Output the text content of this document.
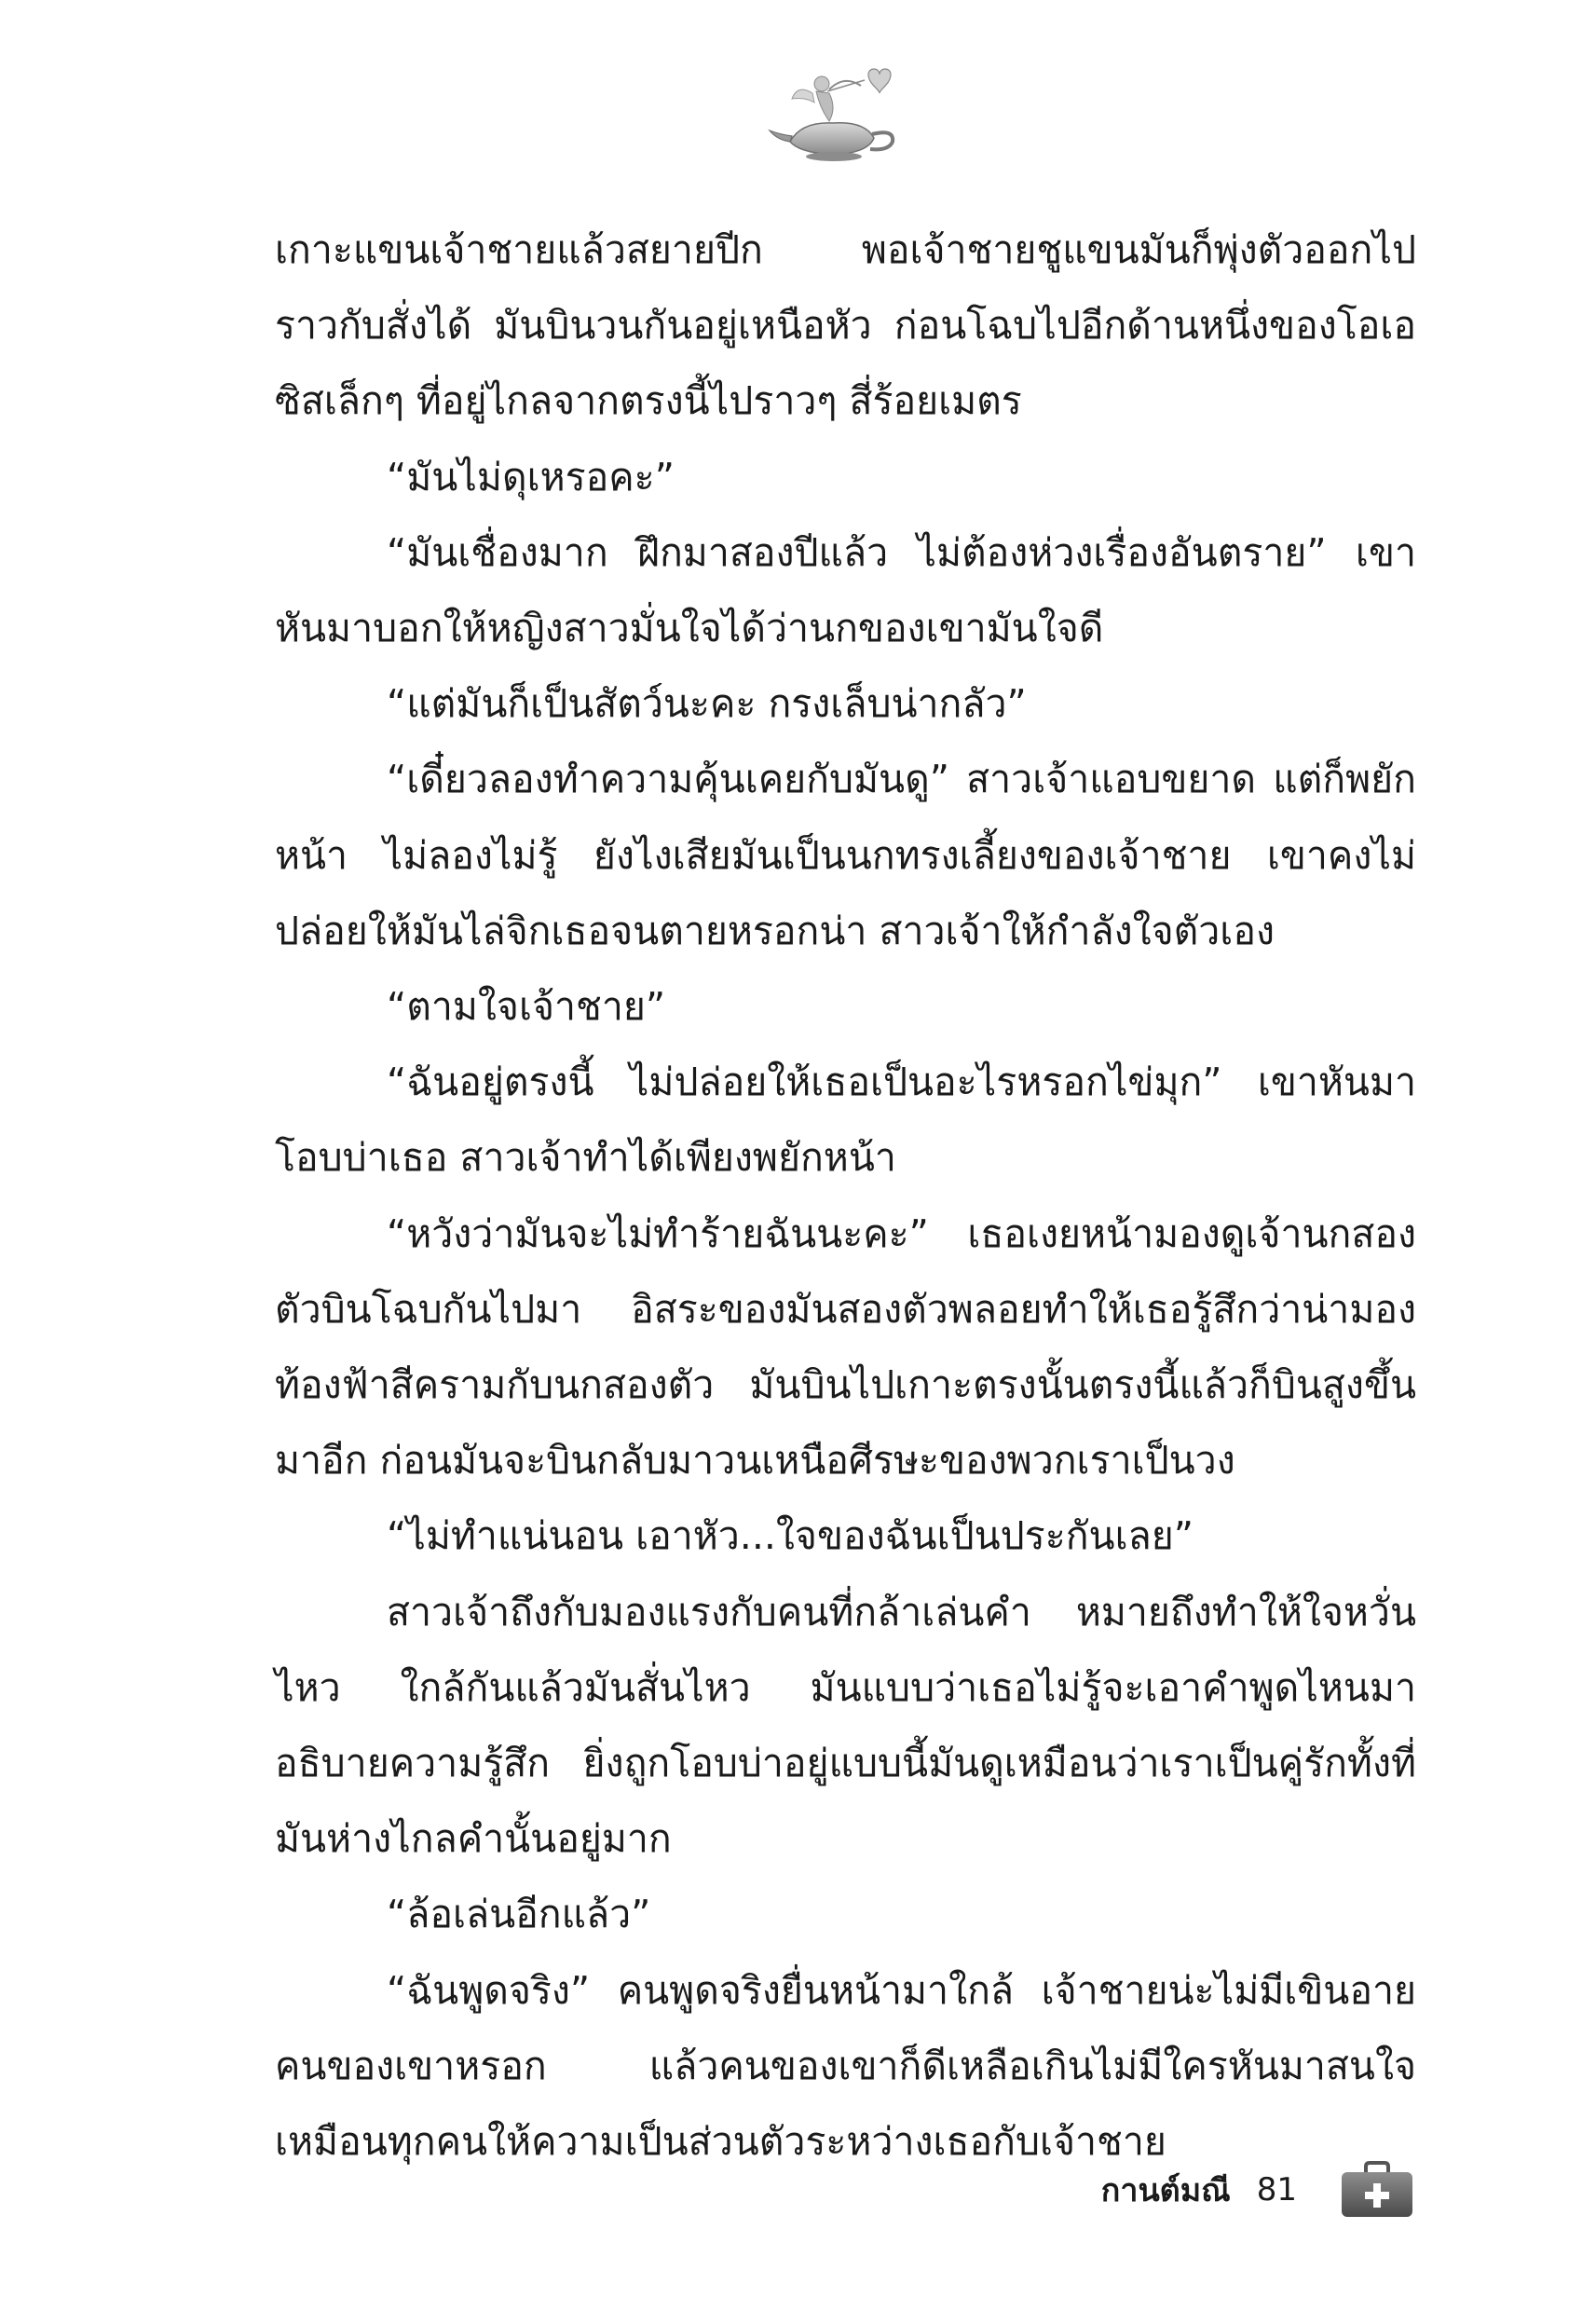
เกาะแขนเจ้าชายแล้วสยายปีก พอเจ้าชายชูแขนมันก็พุ่งตัวออกไป ราวกับสั่งได้ มันบินวนกันอยู่เหนือหัว ก่อนโฉบไปอีกด้านหนึ่งของโอเอซิสเล็กๆ ที่อยู่ไกลจากตรงนี้ไปราวๆ สี่ร้อยเมตร

“มันไม่ดุเหรอคะ”

“มันเชื่องมาก ฝึกมาสองปีแล้ว ไม่ต้องห่วงเรื่องอันตราย” เขาหันมาบอกให้หญิงสาวมั่นใจได้ว่านกของเขามันใจดี

“แต่มันก็เป็นสัตว์นะคะ กรงเล็บน่ากลัว”

“เดี๋ยวลองทำความคุ้นเคยกับมันดู” สาวเจ้าแอบขยาด แต่ก็พยักหน้า ไม่ลองไม่รู้ ยังไงเสียมันเป็นนกทรงเลี้ยงของเจ้าชาย เขาคงไม่ปล่อยให้มันไล่จิกเธอจนตายหรอกน่า สาวเจ้าให้กำลังใจตัวเอง

“ตามใจเจ้าชาย”

“ฉันอยู่ตรงนี้ ไม่ปล่อยให้เธอเป็นอะไรหรอกไข่มุก” เขาหันมาโอบบ่าเธอ สาวเจ้าทำได้เพียงพยักหน้า

“หวังว่ามันจะไม่ทำร้ายฉันนะคะ” เธอเงยหน้ามองดูเจ้านกสองตัวบินโฉบกันไปมา อิสระของมันสองตัวพลอยทำให้เธอรู้สึกว่าน่ามองท้องฟ้าสีครามกับนกสองตัว มันบินไปเกาะตรงนั้นตรงนี้แล้วก็บินสูงขึ้นมาอีก ก่อนมันจะบินกลับมาวนเหนือศีรษะของพวกเราเป็นวง

“ไม่ทำแน่นอน เอาหัว...ใจของฉันเป็นประกันเลย”

สาวเจ้าถึงกับมองแรงกับคนที่กล้าเล่นคำ หมายถึงทำให้ใจหวั่นไหว ใกล้กันแล้วมันสั่นไหว มันแบบว่าเธอไม่รู้จะเอาคำพูดไหนมาอธิบายความรู้สึก ยิ่งถูกโอบบ่าอยู่แบบนี้มันดูเหมือนว่าเราเป็นคู่รักทั้งที่มันห่างไกลคำนั้นอยู่มาก

“ล้อเล่นอีกแล้ว”

“ฉันพูดจริง” คนพูดจริงยื่นหน้ามาใกล้ เจ้าชายน่ะไม่มีเขินอายคนของเขาหรอก แล้วคนของเขาก็ดีเหลือเกินไม่มีใครหันมาสนใจเหมือนทุกคนให้ความเป็นส่วนตัวระหว่างเธอกับเจ้าชาย

กานต์มณี 81
